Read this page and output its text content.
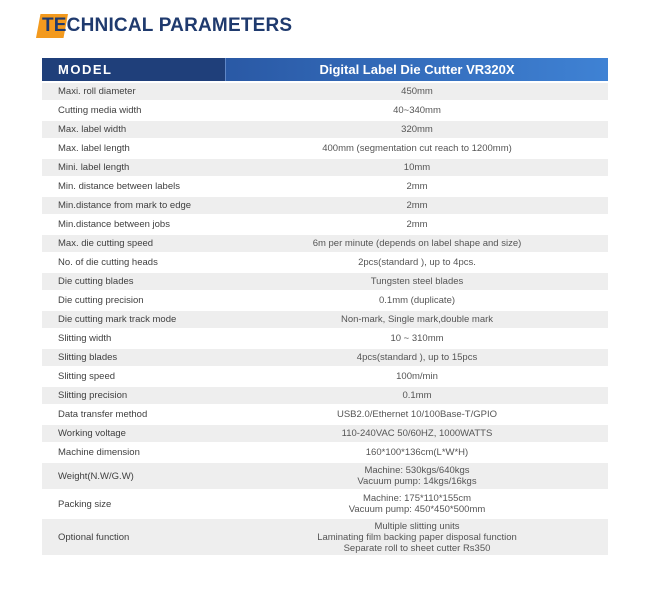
TECHNICAL PARAMETERS
MODEL	Digital Label Die Cutter VR320X
Maxi. roll diameter	450mm

Cutting media width	40~340mm

Max. label width	320mm

Max. label length	400mm (segmentation cut reach to 1200mm)

Mini. label length	10mm

Min. distance between labels	2mm

Min.distance from mark to edge	2mm

Min.distance between jobs	2mm

Max. die cutting speed	6m per minute (depends on label shape and size)

No. of die cutting heads	2pcs(standard ), up to 4pcs.

Die cutting blades	Tungsten steel blades

Die cutting precision	0.1mm (duplicate)

Die cutting mark track mode	Non-mark, Single mark,double mark

Slitting width	10 ~ 310mm

Slitting blades	4pcs(standard ), up to 15pcs

Slitting speed	100m/min

Slitting precision	0.1mm

Data transfer method	USB2.0/Ethernet 10/100Base-T/GPIO

Working voltage	110-240VAC 50/60HZ, 1000WATTS

Machine dimension	160*100*136cm(L*W*H)

Weight(N.W/G.W)	Machine: 530kgs/640kgs
Vacuum pump: 14kgs/16kgs

Packing size	Machine: 175*110*155cm
Vacuum pump: 450*450*500mm

Optional function	Multiple slitting units
Laminating film backing paper disposal function
Separate roll to sheet cutter Rs350
